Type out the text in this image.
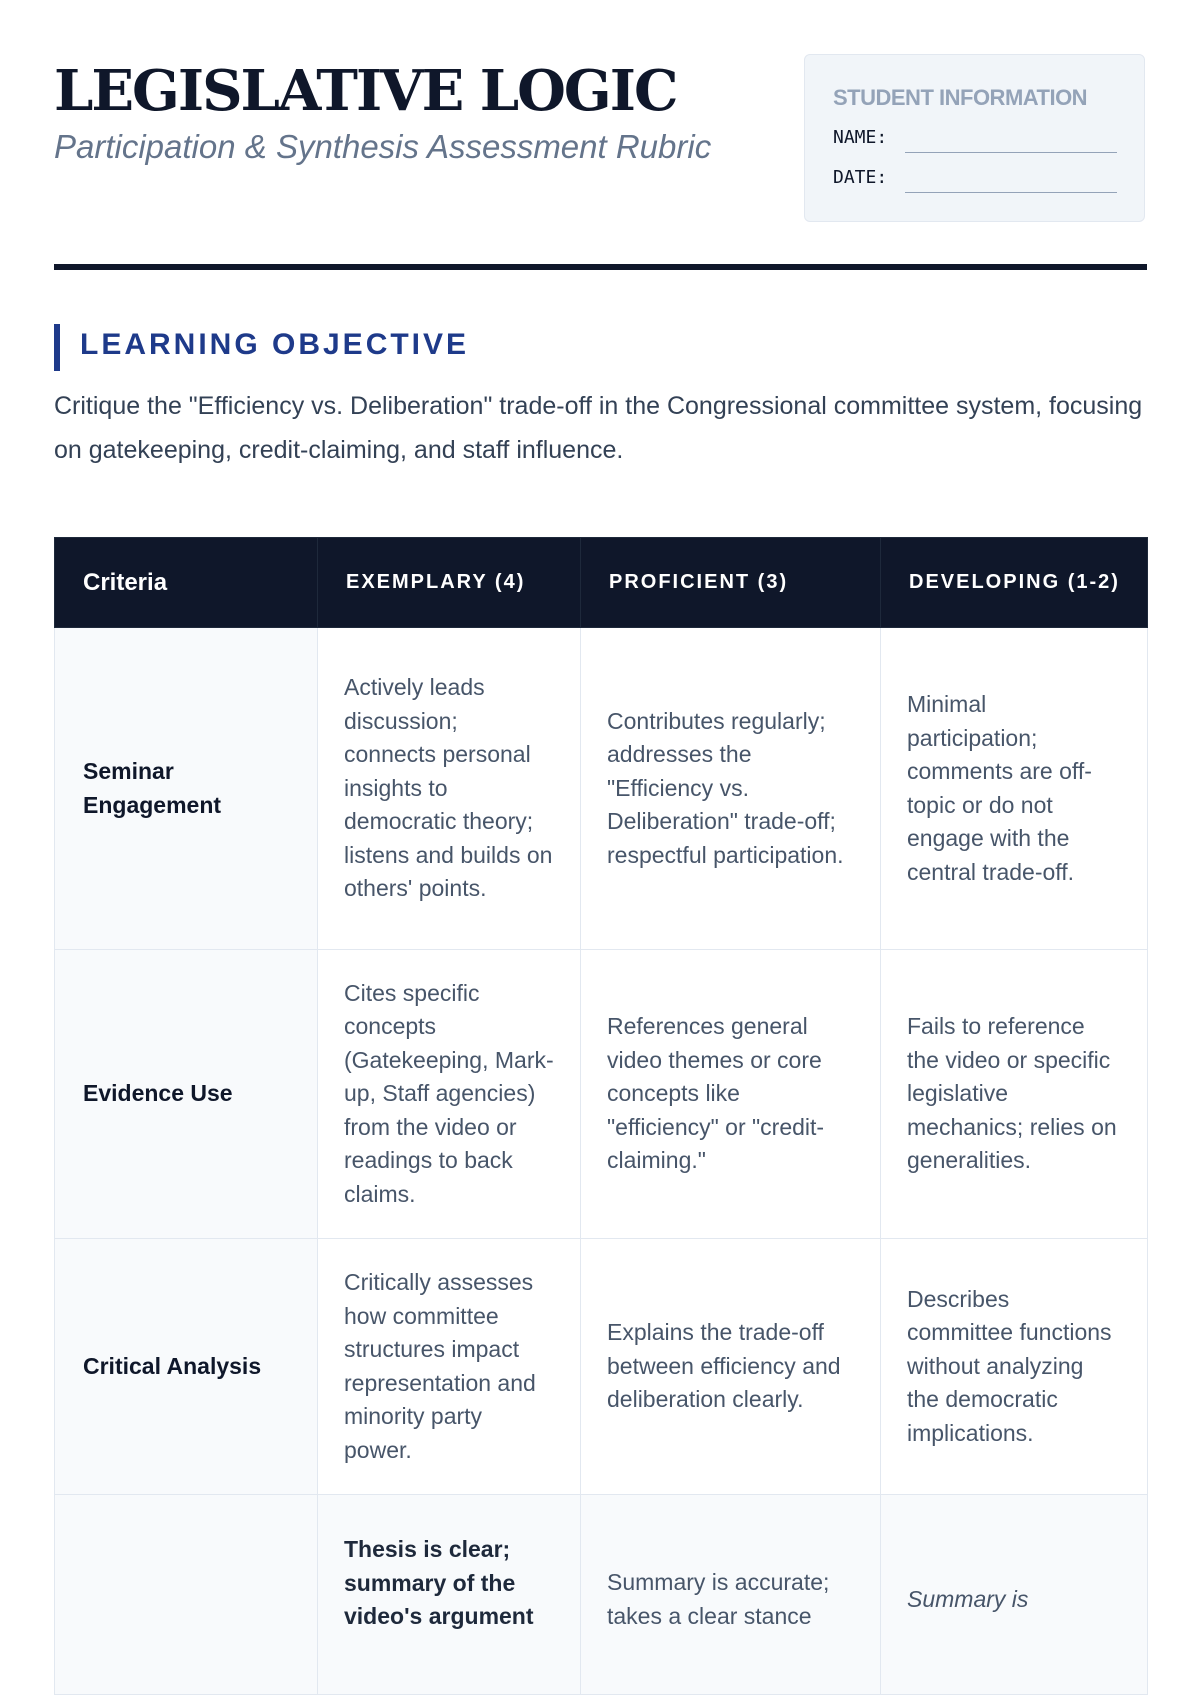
LEGISLATIVE LOGIC
Participation & Synthesis Assessment Rubric
STUDENT INFORMATION
NAME:
DATE:
LEARNING OBJECTIVE
Critique the "Efficiency vs. Deliberation" trade-off in the Congressional committee system, focusing on gatekeeping, credit-claiming, and staff influence.
Criteria	EXEMPLARY (4)	PROFICIENT (3)	DEVELOPING (1-2)
Seminar Engagement	Actively leads discussion; connects personal insights to democratic theory; listens and builds on others' points.	Contributes regularly; addresses the "Efficiency vs. Deliberation" trade-off; respectful participation.	Minimal participation; comments are off-topic or do not engage with the central trade-off.
Evidence Use	Cites specific concepts (Gatekeeping, Mark-up, Staff agencies) from the video or readings to back claims.	References general video themes or core concepts like "efficiency" or "credit-claiming."	Fails to reference the video or specific legislative mechanics; relies on generalities.
Critical Analysis	Critically assesses how committee structures impact representation and minority party power.	Explains the trade-off between efficiency and deliberation clearly.	Describes committee functions without analyzing the democratic implications.
	Thesis is clear; summary of the video's argument	Summary is accurate; takes a clear stance	Summary is
